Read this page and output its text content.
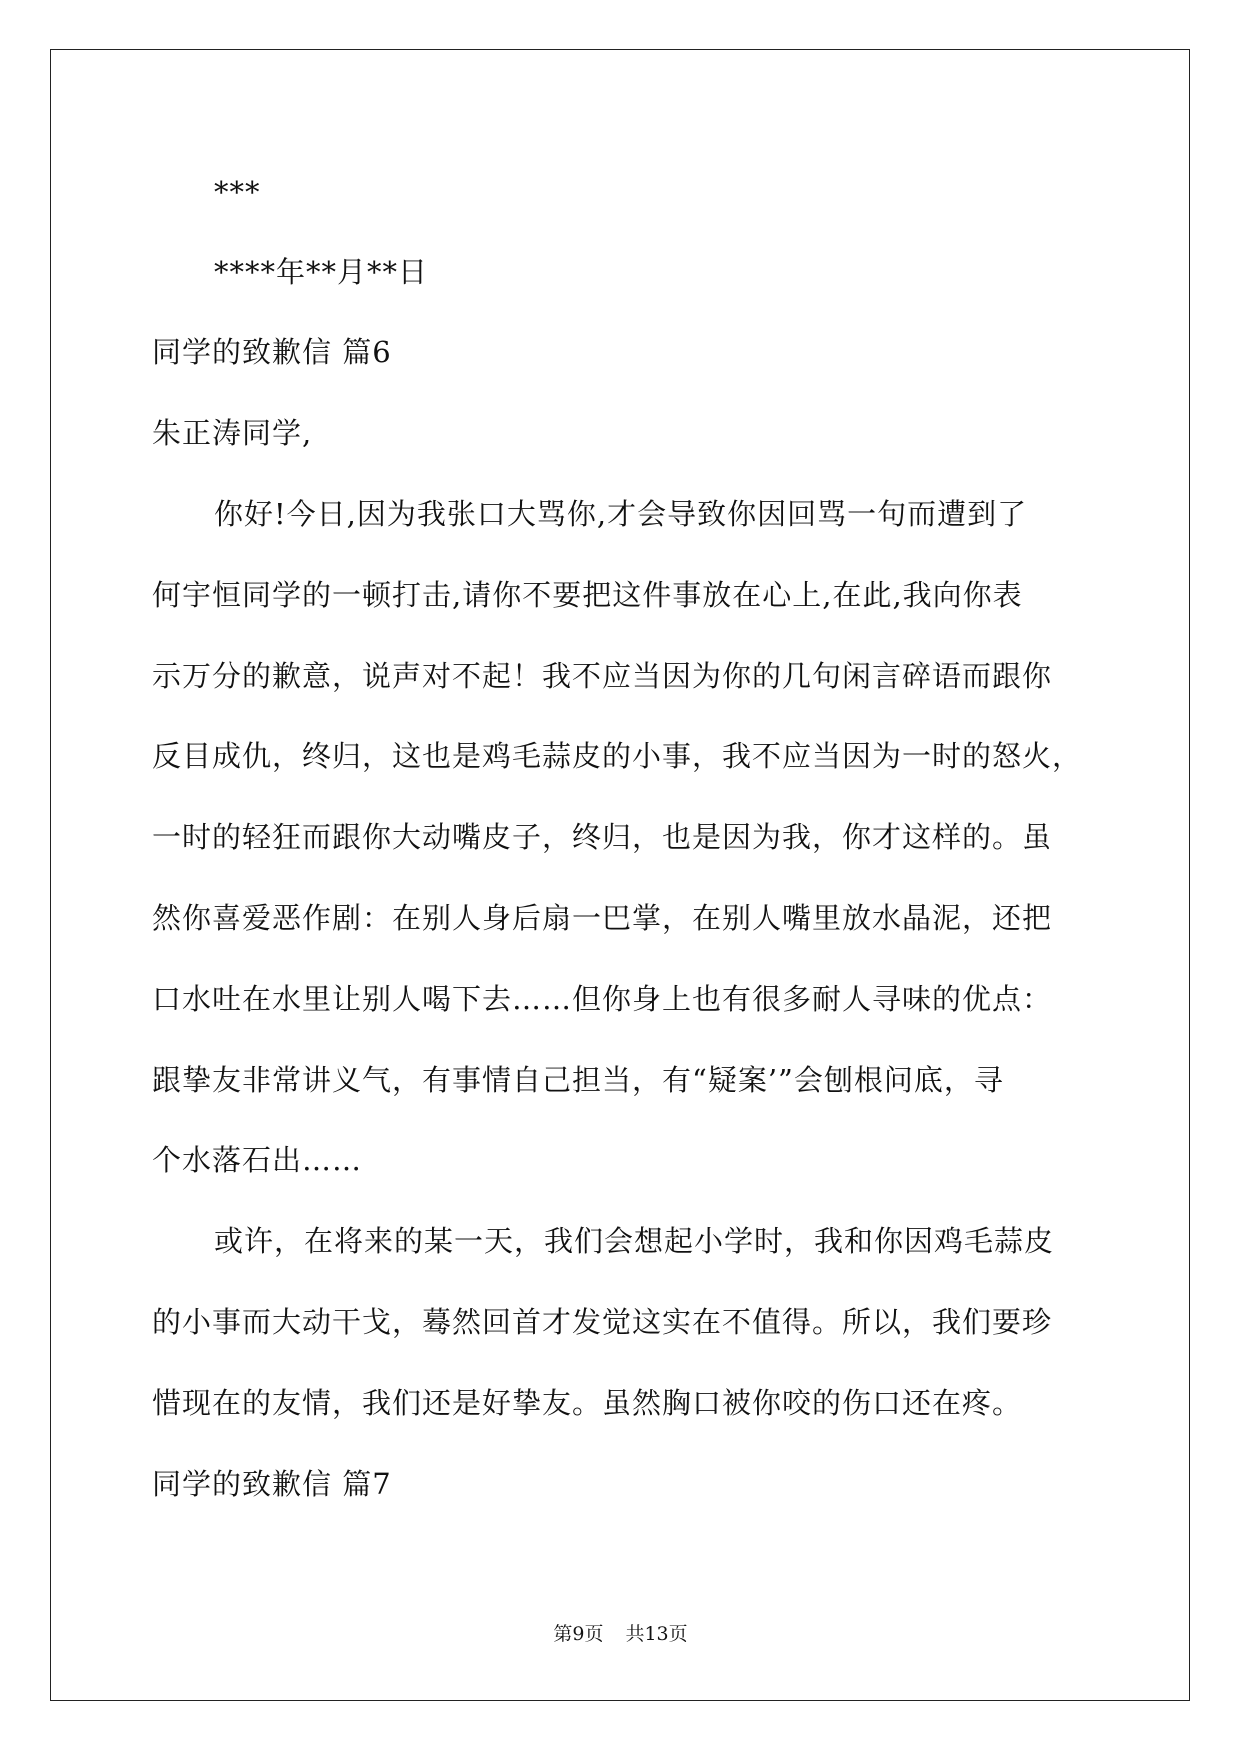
***
****年**月**日
同学的致歉信 篇6
朱正涛同学,
你好!今日,因为我张口大骂你,才会导致你因回骂一句而遭到了
何宇恒同学的一顿打击,请你不要把这件事放在心上,在此,我向你表
示万分的歉意，说声对不起！我不应当因为你的几句闲言碎语而跟你
反目成仇，终归，这也是鸡毛蒜皮的小事，我不应当因为一时的怒火，
一时的轻狂而跟你大动嘴皮子，终归，也是因为我，你才这样的。虽
然你喜爱恶作剧：在别人身后扇一巴掌，在别人嘴里放水晶泥，还把
口水吐在水里让别人喝下去……但你身上也有很多耐人寻味的优点：
跟挚友非常讲义气，有事情自己担当，有“疑案’”会刨根问底，寻
个水落石出……
或许，在将来的某一天，我们会想起小学时，我和你因鸡毛蒜皮
的小事而大动干戈，蓦然回首才发觉这实在不值得。所以，我们要珍
惜现在的友情，我们还是好挚友。虽然胸口被你咬的伤口还在疼。
同学的致歉信 篇7
第9页 共13页
